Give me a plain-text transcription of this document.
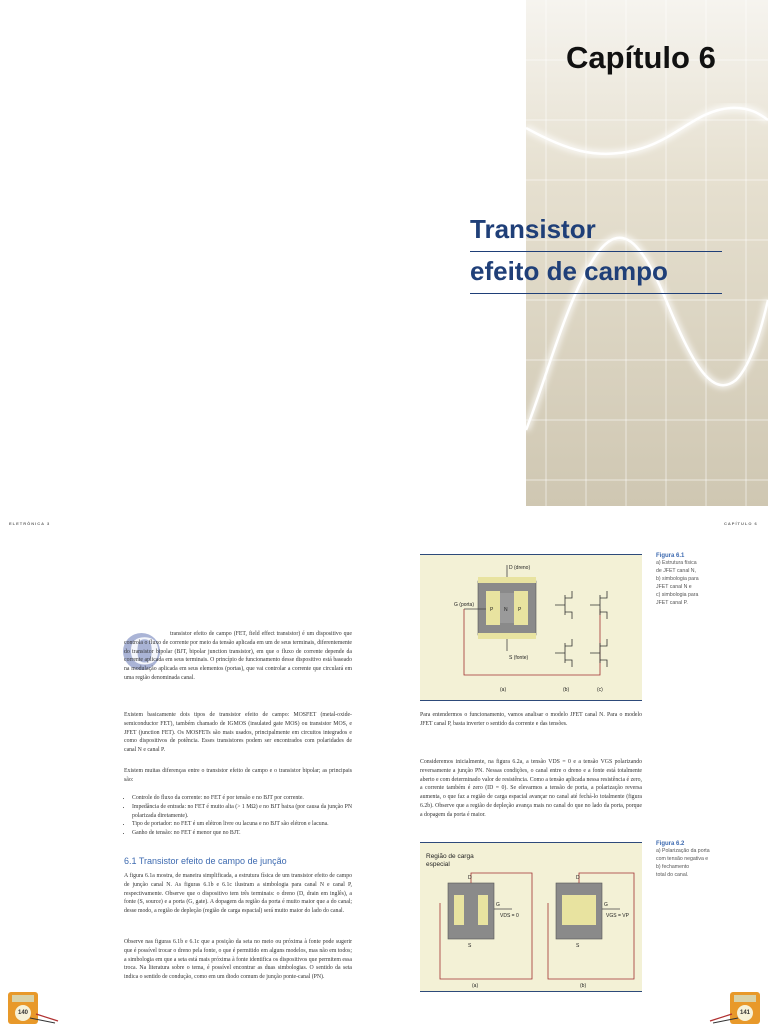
Capítulo 6
Transistor
efeito de campo
ELETRÔNICA 3	CAPÍTULO 6
O	transistor efeito de campo (FET, field effect transistor) é um dispositivo que controla o fluxo de corrente por meio da tensão aplicada em um de seus terminais, diferentemente do transistor bipolar (BJT, bipolar junction transistor), em que o fluxo de corrente depende da corrente aplicada em seus terminais. O princípio de funcionamento desse dispositivo está baseado na modulação aplicada em seus elementos (portas), que vai controlar a corrente que circulará em uma região denominada canal.
Existem basicamente dois tipos de transistor efeito de campo: MOSFET (metal-oxide-semiconductor FET), também chamado de IGMOS (insulated gate MOS) ou transistor MOS, e JFET (junction FET). Os MOSFETs são mais usados, principalmente em circuitos integrados e como dispositivos de potência. Esses transistores podem ser encontrados com polaridades de canal N e canal P.
Existem muitas diferenças entre o transistor efeito de campo e o transistor bipolar; as principais são:
• Controle do fluxo da corrente: no FET é por tensão e no BJT por corrente.
• Impedância de entrada: no FET é muito alta (> 1 MΩ) e no BJT baixa (por causa da junção PN polarizada diretamente).
• Tipo de portador: no FET é um elétron livre ou lacuna e no BJT são elétron e lacuna.
• Ganho de tensão: no FET é menor que no BJT.
6.1 Transistor efeito de campo de junção
A figura 6.1a mostra, de maneira simplificada, a estrutura física de um transistor efeito de campo de junção canal N. As figuras 6.1b e 6.1c ilustram a simbologia para canal N e canal P, respectivamente. Observe que o dispositivo tem três terminais: o dreno (D, drain em inglês), a fonte (S, source) e a porta (G, gate). A dopagem da região da porta é muito maior que a do canal; desse modo, a região de depleção (região de carga espacial) será muito maior do lado do canal.
Observe nas figuras 6.1b e 6.1c que a posição da seta no meio ou próxima à fonte pode sugerir que é possível trocar o dreno pela fonte, o que é permitido em alguns modelos, mas não em todos; a simbologia em que a seta está mais próxima à fonte identifica os dispositivos que permitem essa troca. Na literatura sobre o tema, é possível encontrar as duas simbologias. O sentido da seta indica o sentido de condução, como em um diodo comum de junção ponte-canal (PN).
140
D (dreno)
S (fonte)
G (porta)
P N P
(a)	(b)	(c)
Figura 6.1
a) Estrutura física
de JFET canal N,
b) simbologia para
JFET canal N e
c) simbologia para
JFET canal P.
Para entendermos o funcionamento, vamos analisar o modelo JFET canal N. Para o modelo JFET canal P, basta inverter o sentido da corrente e das tensões.
Consideremos inicialmente, na figura 6.2a, a tensão VDS = 0 e a tensão VGS polarizando reversamente a junção PN. Nessas condições, o canal entre o dreno e a fonte está totalmente aberto e com determinado valor de resistência. Como a tensão aplicada nessa resistência é zero, a corrente também é zero (ID = 0). Se elevarmos a tensão de porta, a polarização reversa aumenta, o que faz a região de carga espacial avançar no canal até fechá-lo totalmente (figura 6.2b). Observe que a região de depleção avança mais no canal do que no lado da porta, porque a dopagem da porta é maior.
Região de carga
especial
D
S
G
VDS = 0
(a)
D
S
G
VGS = VP
(b)
Figura 6.2
a) Polarização da porta
com tensão negativa e
b) fechamento
total do canal.
141
